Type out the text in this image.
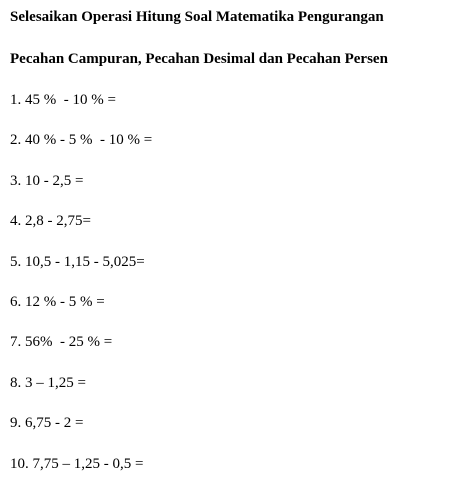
Selesaikan Operasi Hitung Soal Matematika Pengurangan
Pecahan Campuran, Pecahan Desimal dan Pecahan Persen
1. 45 %  - 10 % =
2. 40 % - 5 %  - 10 % =
3. 10 - 2,5 =
4. 2,8 - 2,75=
5. 10,5 - 1,15 - 5,025=
6. 12 % - 5 % =
7. 56%  - 25 % =
8. 3 – 1,25 =
9. 6,75 - 2 =
10. 7,75 – 1,25 - 0,5 =
